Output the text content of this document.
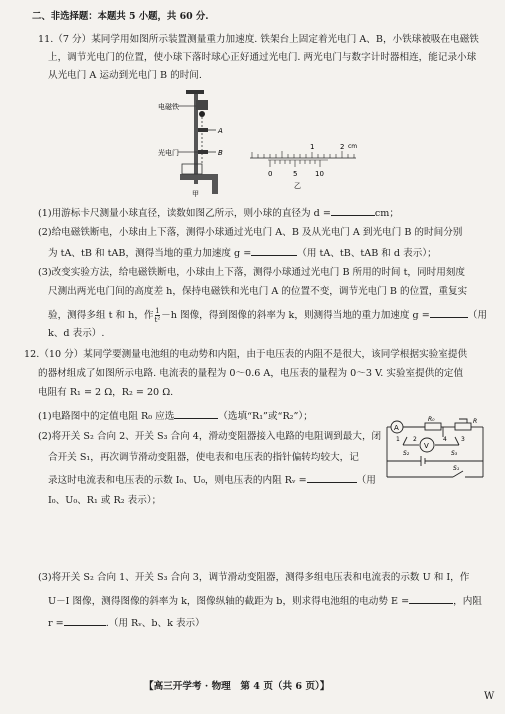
二、非选择题：本题共 5 小题，共 60 分.
11.（7 分）某同学用如图所示装置测量重力加速度. 铁架台上固定着光电门 A、B，小铁球被吸在电磁铁
上，调节光电门的位置，使小球下落时球心正好通过光电门. 两光电门与数字计时器相连，能记录小球
从光电门 A 运动到光电门 B 的时间.
电磁铁
A
光电门	B
甲
1	2 cm
0	5	10
乙
(1)用游标卡尺测量小球直径，读数如图乙所示，则小球的直径为 d =	cm；
(2)给电磁铁断电，小球由上下落，测得小球通过光电门 A、B 及从光电门 A 到光电门 B 的时间分别
为 tA、tB 和 tAB，测得当地的重力加速度 g =	（用 tA、tB、tAB 和 d 表示）；
(3)改变实验方法，给电磁铁断电，小球由上下落，测得小球通过光电门 B 所用的时间 t，同时用刻度
尺测出两光电门间的高度差 h，保持电磁铁和光电门 A 的位置不变，调节光电门 B 的位置，重复实
验，测得多组 t 和 h，作 $\frac{1}{\text{t²}} -h$ 图像，得到图像的斜率为 k，则测得当地的重力加速度 g =	（用
k、d 表示）.
12.（10 分）某同学要测量电池组的电动势和内阻，由于电压表的内阻不是很大，该同学根据实验室提供
的器材组成了如图所示电路. 电流表的量程为 0～0.6 A，电压表的量程为 0～3 V. 实验室提供的定值
电阻有 R₁ = 2 Ω，R₂ = 20 Ω.
(1)电路图中的定值电阻 R₀ 应选	（选填“R₁”或“R₂”）；
(2)将开关 S₂ 合向 2、开关 S₃ 合向 4，滑动变阻器接入电路的电阻调到最大，闭
合开关 S₁，再次调节滑动变阻器，使电表和电压表的指针偏转均较大，记
录这时电流表和电压表的示数 I₀、U₀，则电压表的内阻 Rᵥ =	（用
I₀、U₀、R₁ 或 R₂ 表示）；
A
V
R₀	R
S₂	S₃
S₁
1 2	3
4
(3)将开关 S₂ 合向 1、开关 S₃ 合向 3，调节滑动变阻器，测得多组电压表和电流表的示数 U 和 I，作
U－I 图像，测得图像的斜率为 k，图像纵轴的截距为 b，则求得电池组的电动势 E =	，内阻
r =	.（用 Rᵥ、b、k 表示）
【高三开学考 · 物理　第 4 页（共 6 页）】
W
